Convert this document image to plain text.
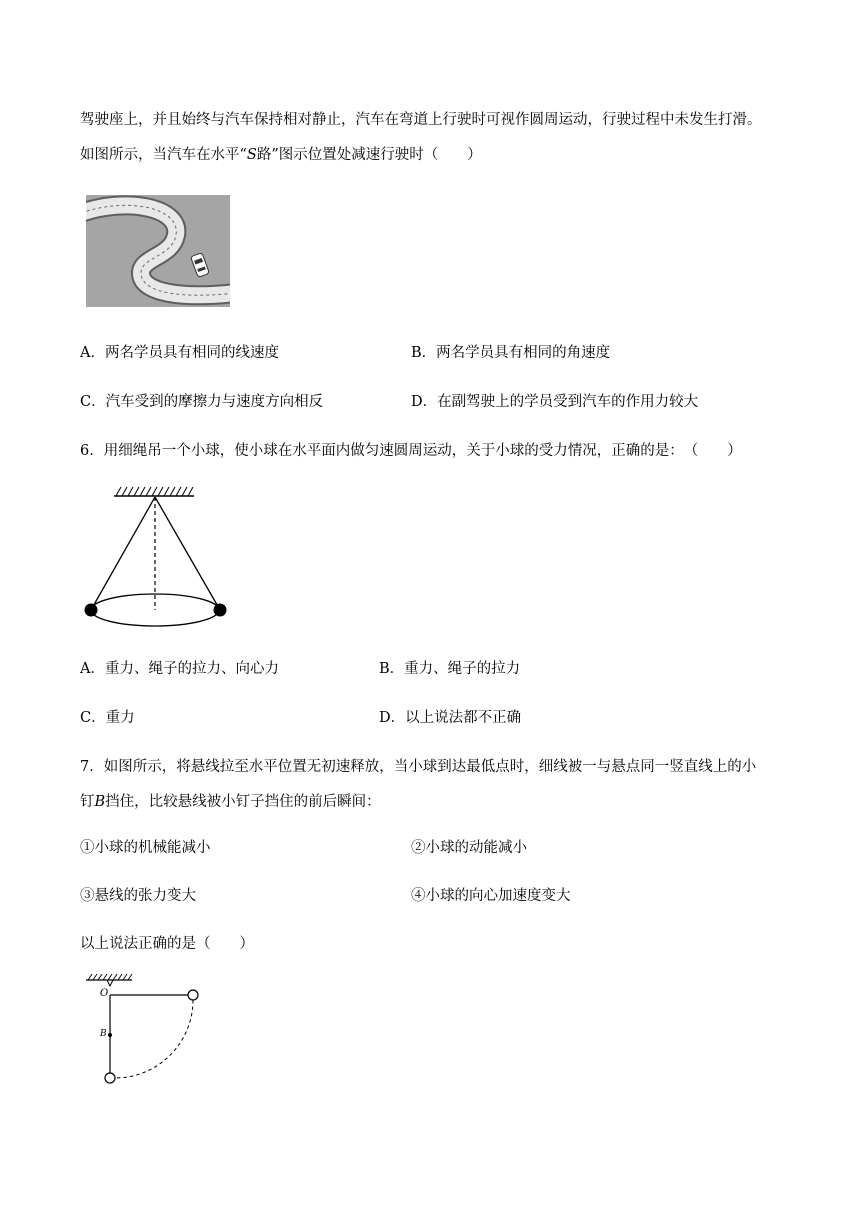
驾驶座上，并且始终与汽车保持相对静止，汽车在弯道上行驶时可视作圆周运动，行驶过程中未发生打滑。
如图所示，当汽车在水平“S路”图示位置处减速行驶时（　　）
A．两名学员具有相同的线速度	B．两名学员具有相同的角速度
C．汽车受到的摩擦力与速度方向相反	D．在副驾驶上的学员受到汽车的作用力较大
6．用细绳吊一个小球，使小球在水平面内做匀速圆周运动，关于小球的受力情况，正确的是：　（　　）
A．重力、绳子的拉力、向心力	B．重力、绳子的拉力
C．重力	D．以上说法都不正确
7．如图所示，将悬线拉至水平位置无初速释放，当小球到达最低点时，细线被一与悬点同一竖直线上的小
钉B挡住，比较悬线被小钉子挡住的前后瞬间：
①小球的机械能减小	②小球的动能减小
③悬线的张力变大	④小球的向心加速度变大
以上说法正确的是（　　）
O
B
